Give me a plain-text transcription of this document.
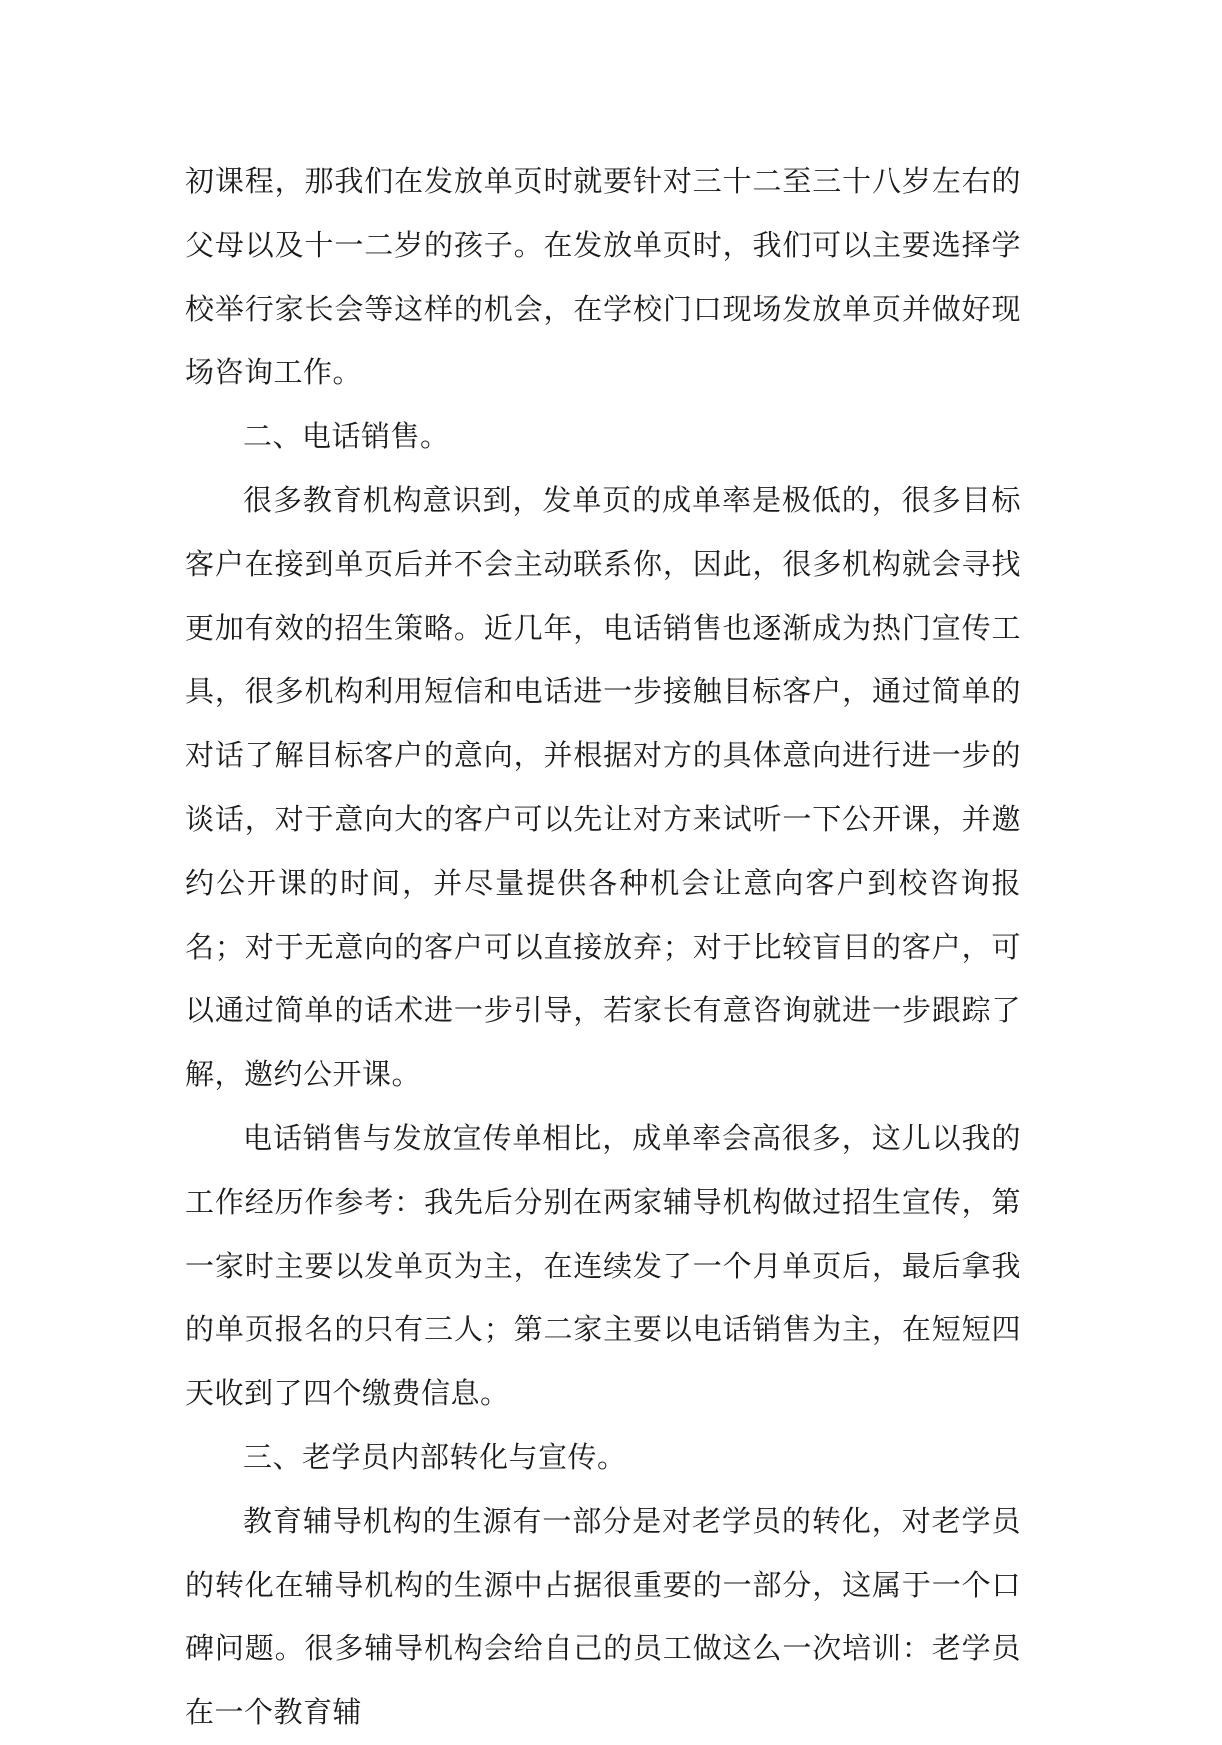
初课程，那我们在发放单页时就要针对三十二至三十八岁左右的父母以及十一二岁的孩子。在发放单页时，我们可以主要选择学校举行家长会等这样的机会，在学校门口现场发放单页并做好现场咨询工作。

二、电话销售。

很多教育机构意识到，发单页的成单率是极低的，很多目标客户在接到单页后并不会主动联系你，因此，很多机构就会寻找更加有效的招生策略。近几年，电话销售也逐渐成为热门宣传工具，很多机构利用短信和电话进一步接触目标客户，通过简单的对话了解目标客户的意向，并根据对方的具体意向进行进一步的谈话，对于意向大的客户可以先让对方来试听一下公开课，并邀约公开课的时间，并尽量提供各种机会让意向客户到校咨询报名；对于无意向的客户可以直接放弃；对于比较盲目的客户，可以通过简单的话术进一步引导，若家长有意咨询就进一步跟踪了解，邀约公开课。

电话销售与发放宣传单相比，成单率会高很多，这儿以我的工作经历作参考：我先后分别在两家辅导机构做过招生宣传，第一家时主要以发单页为主，在连续发了一个月单页后，最后拿我的单页报名的只有三人；第二家主要以电话销售为主，在短短四天收到了四个缴费信息。

三、老学员内部转化与宣传。

教育辅导机构的生源有一部分是对老学员的转化，对老学员的转化在辅导机构的生源中占据很重要的一部分，这属于一个口碑问题。很多辅导机构会给自己的员工做这么一次培训：老学员在一个教育辅
